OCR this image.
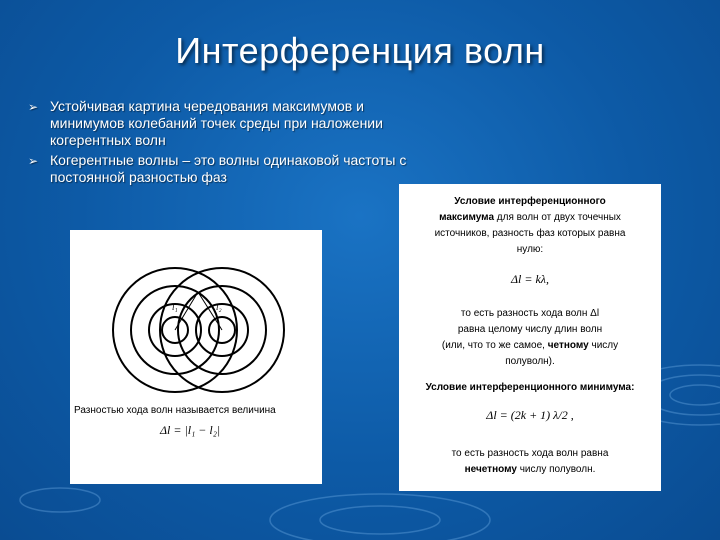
Интерференция волн
➢ Устойчивая картина чередования максимумов и минимумов колебаний точек среды при наложении когерентных волн
➢ Когерентные волны – это волны одинаковой частоты с постоянной разностью фаз
l₁	l₂
Разностью хода волн называется величина
Δl = |l₁ − l₂|
Условие интерференционного
максимума для волн от двух точечных
источников, разность фаз которых равна
нулю:
Δl = kλ,
то есть разность хода волн Δl
равна целому числу длин волн
(или, что то же самое, четному числу
полуволн).
Условие интерференционного минимума:
Δl = (2k + 1) λ/2 ,
то есть разность хода волн равна
нечетному числу полуволн.
